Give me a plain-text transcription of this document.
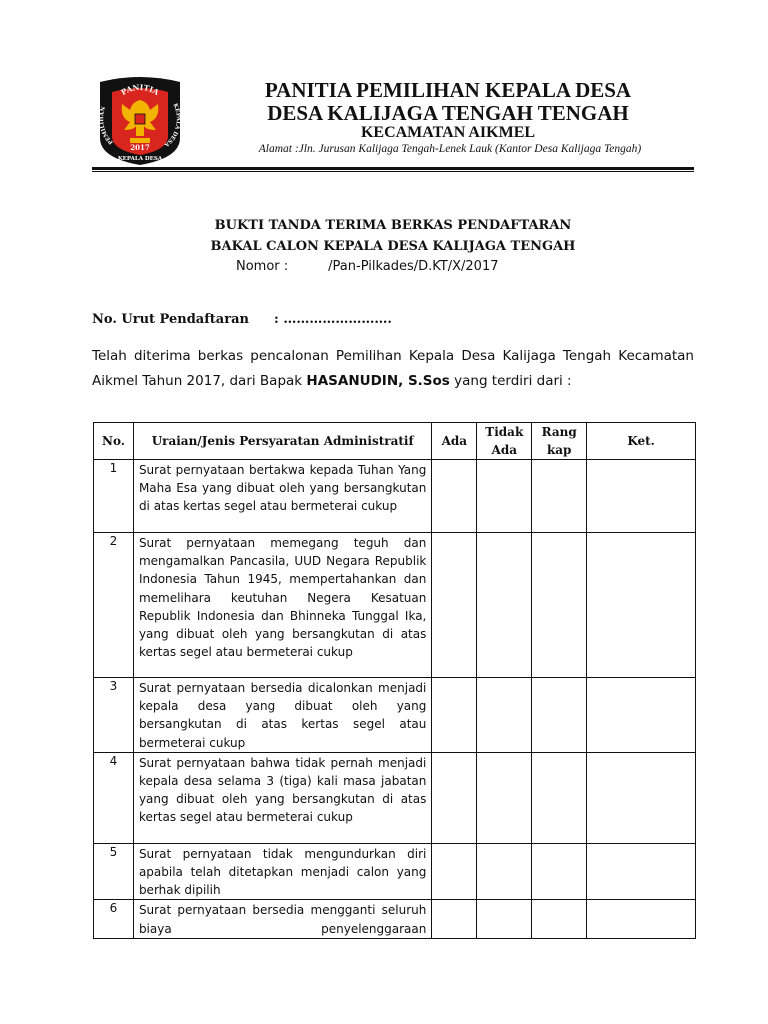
PANITIA
PEMILIHAN	KEPALA DESA
2017
KEPALA DESA
PANITIA PEMILIHAN KEPALA DESA
DESA KALIJAGA TENGAH TENGAH
KECAMATAN AIKMEL
Alamat :Jln. Jurusan Kalijaga Tengah-Lenek Lauk (Kantor Desa Kalijaga Tengah)
BUKTI TANDA TERIMA BERKAS PENDAFTARAN
BAKAL CALON KEPALA DESA KALIJAGA TENGAH
Nomor :	/Pan-Pilkades/D.KT/X/2017
No. Urut Pendaftaran : …………………….
Telah diterima berkas pencalonan Pemilihan Kepala Desa Kalijaga Tengah Kecamatan Aikmel Tahun 2017, dari Bapak HASANUDIN, S.Sos yang terdiri dari :
No.	Uraian/Jenis Persyaratan Administratif	Ada	Tidak Ada	Rang kap	Ket.
1	Surat pernyataan bertakwa kepada Tuhan Yang Maha Esa yang dibuat oleh yang bersangkutan di atas kertas segel atau bermeterai cukup				
2	Surat pernyataan memegang teguh dan mengamalkan Pancasila, UUD Negara Republik Indonesia Tahun 1945, mempertahankan dan memelihara keutuhan Negera Kesatuan Republik Indonesia dan Bhinneka Tunggal Ika, yang dibuat oleh yang bersangkutan di atas kertas segel atau bermeterai cukup				
3	Surat pernyataan bersedia dicalonkan menjadi kepala desa yang dibuat oleh yang bersangkutan di atas kertas segel atau bermeterai cukup				
4	Surat pernyataan bahwa tidak pernah menjadi kepala desa selama 3 (tiga) kali masa jabatan yang dibuat oleh yang bersangkutan di atas kertas segel atau bermeterai cukup				
5	Surat pernyataan tidak mengundurkan diri apabila telah ditetapkan menjadi calon yang berhak dipilih				
6	Surat pernyataan bersedia mengganti seluruh biaya penyelenggaraan				
